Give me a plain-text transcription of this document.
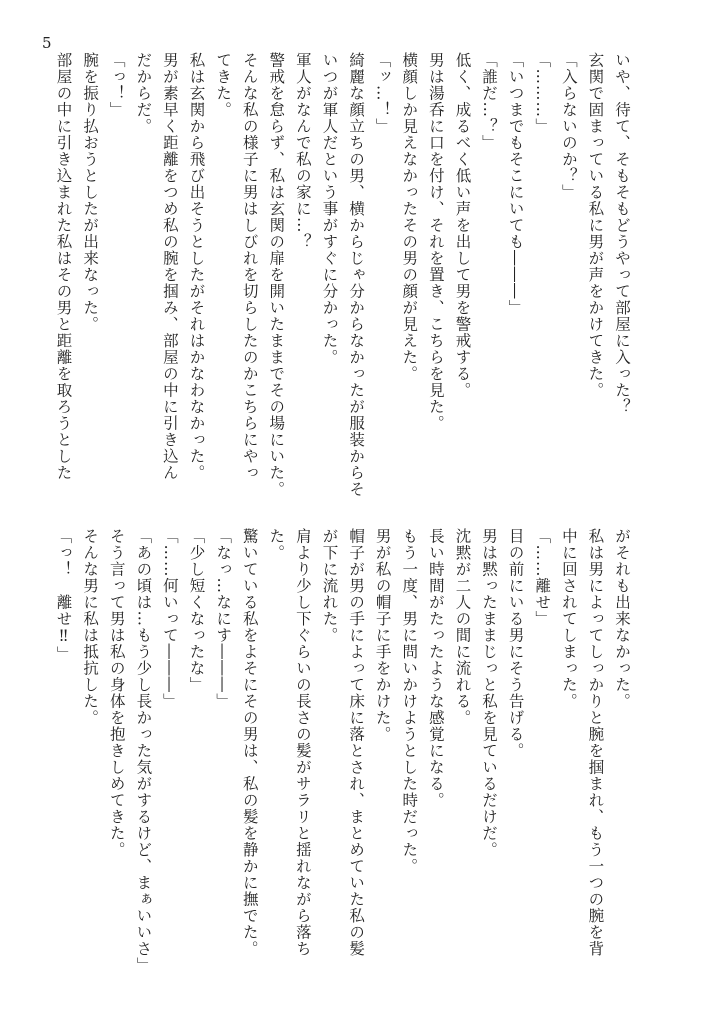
5
いや、待て、そもそもどうやって部屋に入った？
玄関で固まっている私に男が声をかけてきた。
「入らないのか？」
「………」
「いつまでもそこにいても―――」
「誰だ…？」
低く、成るべく低い声を出して男を警戒する。
男は湯呑に口を付け、それを置き、こちらを見た。
横顔しか見えなかったその男の顔が見えた。
「ッ…！」
綺麗な顔立ちの男、横からじゃ分からなかったが服装からそ
いつが軍人だという事がすぐに分かった。
軍人がなんで私の家に…？
警戒を怠らず、私は玄関の扉を開いたままでその場にいた。
そんな私の様子に男はしびれを切らしたのかこちらにやっ
てきた。
私は玄関から飛び出そうとしたがそれはかなわなかった。
男が素早く距離をつめ私の腕を掴み、部屋の中に引き込ん
だからだ。
「っ！」
腕を振り払おうとしたが出来なった。
部屋の中に引き込まれた私はその男と距離を取ろうとした
がそれも出来なかった。
私は男によってしっかりと腕を掴まれ、もう一つの腕を背
中に回されてしまった。
「……離せ」
目の前にいる男にそう告げる。
男は黙ったままじっと私を見ているだけだ。
沈黙が二人の間に流れる。
長い時間がたったような感覚になる。
もう一度、男に問いかけようとした時だった。
男が私の帽子に手をかけた。
帽子が男の手によって床に落とされ、まとめていた私の髪
が下に流れた。
肩より少し下ぐらいの長さの髪がサラリと揺れながら落ち
た。
驚いている私をよそにその男は、私の髪を静かに撫でた。
「なっ…なにす―――」
「少し短くなったな」
「……何いって―――」
「あの頃は…もう少し長かった気がするけど、まぁいいさ」
そう言って男は私の身体を抱きしめてきた。
そんな男に私は抵抗した。
「っ！　離せ‼」
